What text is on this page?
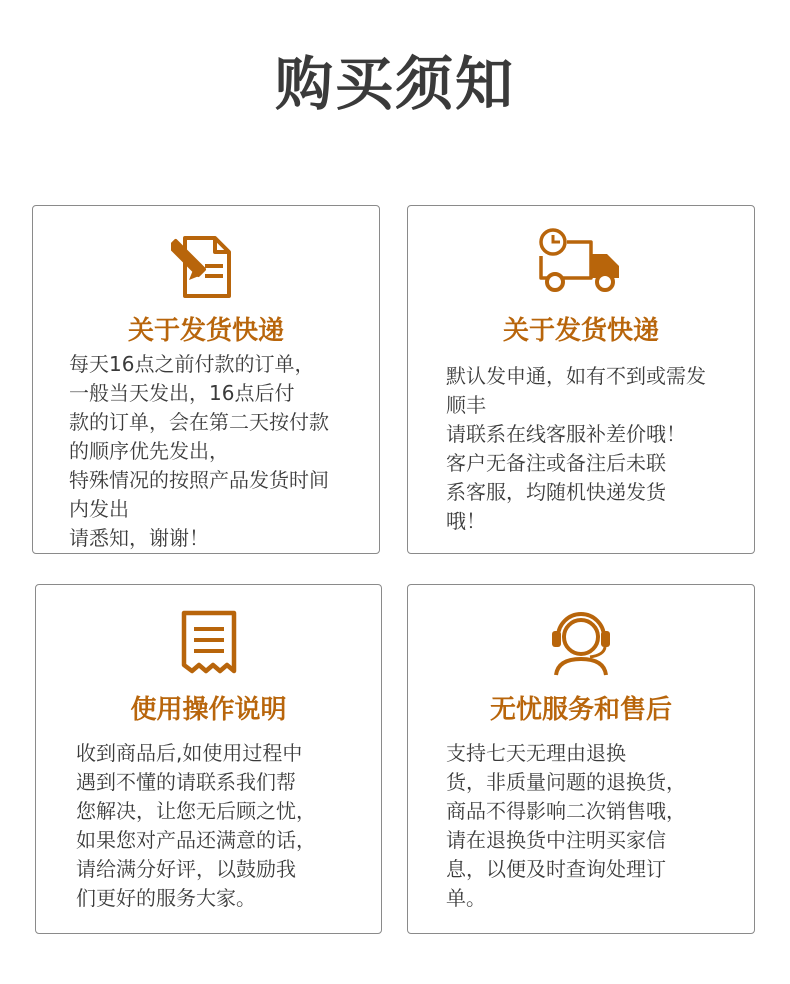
购买须知
关于发货快递
每天16点之前付款的订单，
一般当天发出，16点后付
款的订单，会在第二天按付款
的顺序优先发出，
特殊情况的按照产品发货时间
内发出
请悉知，谢谢！
关于发货快递
默认发申通，如有不到或需发
顺丰
请联系在线客服补差价哦！
客户无备注或备注后未联
系客服，均随机快递发货
哦！
使用操作说明
收到商品后,如使用过程中
遇到不懂的请联系我们帮
您解决，让您无后顾之忧，
如果您对产品还满意的话，
请给满分好评，以鼓励我
们更好的服务大家。
无忧服务和售后
支持七天无理由退换
货，非质量问题的退换货，
商品不得影响二次销售哦，
请在退换货中注明买家信
息，以便及时查询处理订
单。
